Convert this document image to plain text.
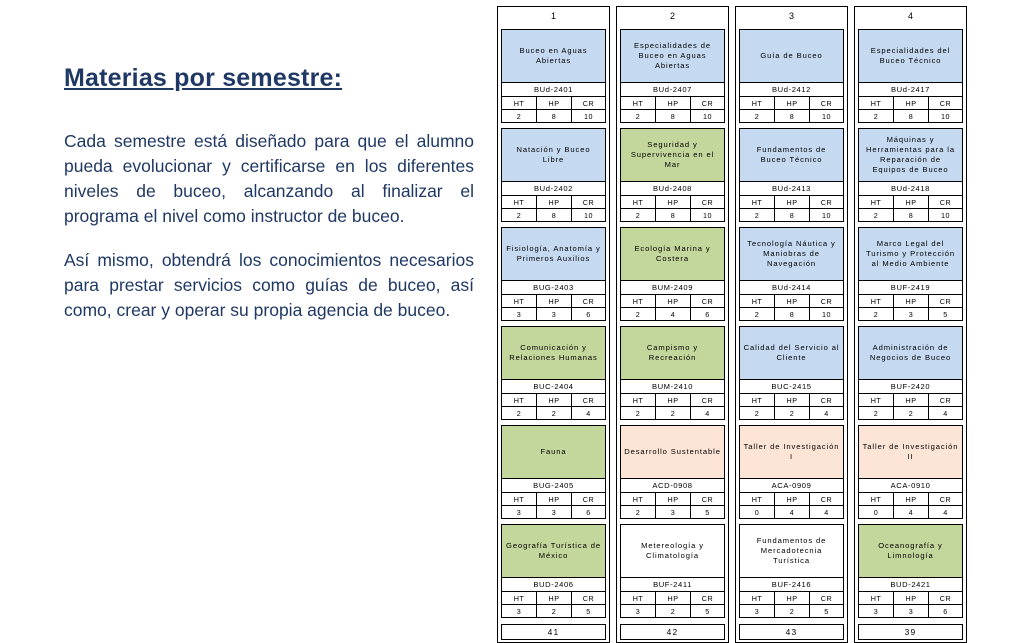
Materias por semestre:

Cada semestre está diseñado para que el alumno pueda evolucionar y certificarse en los diferentes niveles de buceo, alcanzando al finalizar el programa el nivel como instructor de buceo.

Así mismo, obtendrá los conocimientos necesarios para prestar servicios como guías de buceo, así como, crear y operar su propia agencia de buceo.

1
Buceo en Aguas Abiertas
BUd-2401
HT	HP	CR
2	8	10
Natación y Buceo Libre
BUd-2402
HT	HP	CR
2	8	10
Fisiología, Anatomía y Primeros Auxilios
BUG-2403
HT	HP	CR
3	3	6
Comunicación y Relaciones Humanas
BUC-2404
HT	HP	CR
2	2	4
Fauna
BUG-2405
HT	HP	CR
3	3	6
Geografía Turística de México
BUD-2406
HT	HP	CR
3	2	5
41
2
Especialidades de Buceo en Aguas Abiertas
BUd-2407
HT	HP	CR
2	8	10
Seguridad y Supervivencia en el Mar
BUd-2408
HT	HP	CR
2	8	10
Ecología Marina y Costera
BUM-2409
HT	HP	CR
2	4	6
Campismo y Recreación
BUM-2410
HT	HP	CR
2	2	4
Desarrollo Sustentable
ACD-0908
HT	HP	CR
2	3	5
Metereología y Climatología
BUF-2411
HT	HP	CR
3	2	5
42
3
Guía de Buceo
BUd-2412
HT	HP	CR
2	8	10
Fundamentos de Buceo Técnico
BUd-2413
HT	HP	CR
2	8	10
Tecnología Náutica y Maniobras de Navegación
BUd-2414
HT	HP	CR
2	8	10
Calidad del Servicio al Cliente
BUC-2415
HT	HP	CR
2	2	4
Taller de Investigación I
ACA-0909
HT	HP	CR
0	4	4
Fundamentos de Mercadotecnia Turística
BUF-2416
HT	HP	CR
3	2	5
43
4
Especialidades del Buceo Técnico
BUd-2417
HT	HP	CR
2	8	10
Máquinas y Herramientas para la Reparación de Equipos de Buceo
BUd-2418
HT	HP	CR
2	8	10
Marco Legal del Turismo y Protección al Medio Ambiente
BUF-2419
HT	HP	CR
2	3	5
Administración de Negocios de Buceo
BUF-2420
HT	HP	CR
2	2	4
Taller de Investigación II
ACA-0910
HT	HP	CR
0	4	4
Oceanografía y Limnología
BUD-2421
HT	HP	CR
3	3	6
39
